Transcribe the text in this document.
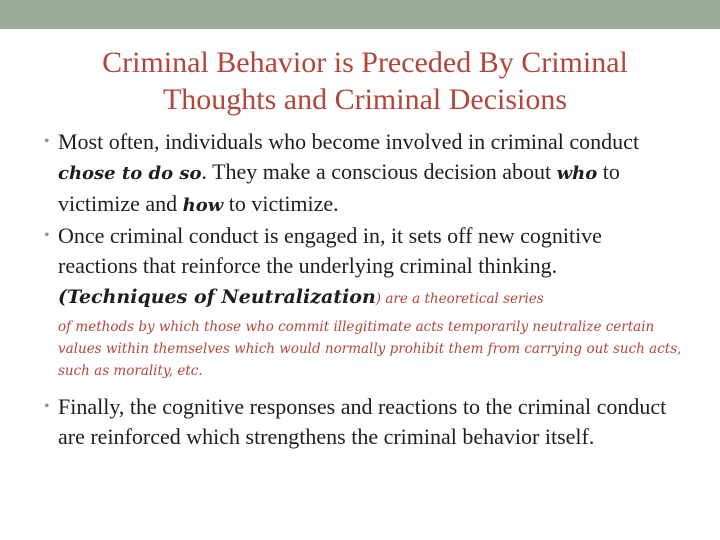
Criminal Behavior is Preceded By Criminal
Thoughts and Criminal Decisions
• Most often, individuals who become involved in criminal conduct chose to do so. They make a conscious decision about who to victimize and how to victimize.
• Once criminal conduct is engaged in, it sets off new cognitive reactions that reinforce the underlying criminal thinking. (Techniques of Neutralization) are a theoretical series
of methods by which those who commit illegitimate acts temporarily neutralize certain values within themselves which would normally prohibit them from carrying out such acts, such as morality, etc.
• Finally, the cognitive responses and reactions to the criminal conduct are reinforced which strengthens the criminal behavior itself.
